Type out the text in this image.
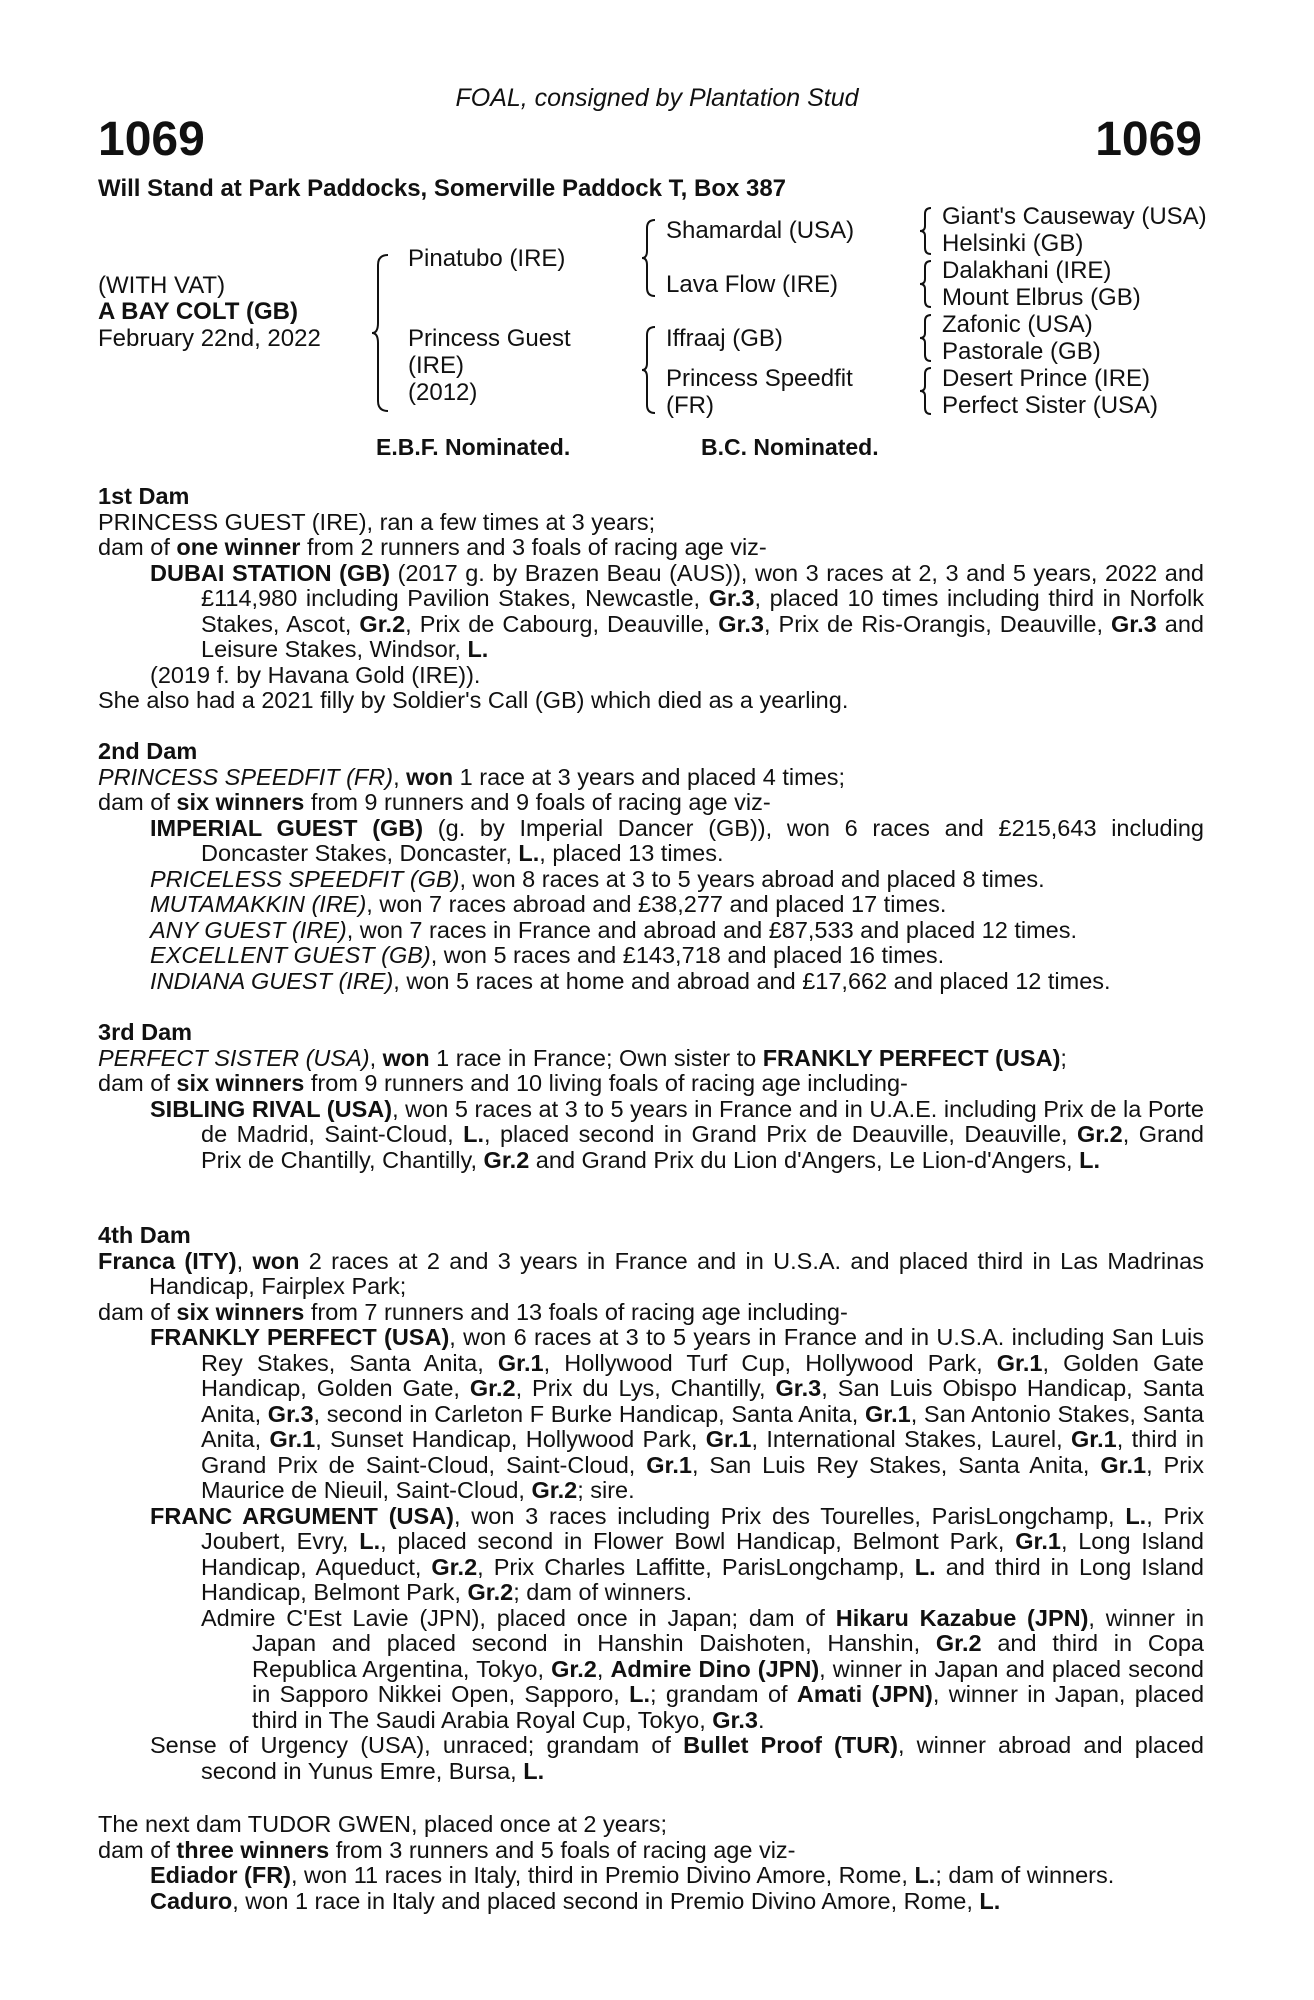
FOAL, consigned by Plantation Stud
1069	1069
Will Stand at Park Paddocks, Somerville Paddock T, Box 387
(WITH VAT)
A BAY COLT (GB)
February 22nd, 2022
Pinatubo (IRE)
Princess Guest
(IRE)
(2012)
Shamardal (USA)
Lava Flow (IRE)
Iffraaj (GB)
Princess Speedfit
(FR)
Giant's Causeway (USA)
Helsinki (GB)
Dalakhani (IRE)
Mount Elbrus (GB)
Zafonic (USA)
Pastorale (GB)
Desert Prince (IRE)
Perfect Sister (USA)
E.B.F. Nominated.	B.C. Nominated.

1st Dam

PRINCESS GUEST (IRE), ran a few times at 3 years;

dam of one winner from 2 runners and 3 foals of racing age viz-

DUBAI STATION (GB) (2017 g. by Brazen Beau (AUS)), won 3 races at 2, 3 and 5 years, 2022 and £114,980 including Pavilion Stakes, Newcastle, Gr.3, placed 10 times including third in Norfolk Stakes, Ascot, Gr.2, Prix de Cabourg, Deauville, Gr.3, Prix de Ris-Orangis, Deauville, Gr.3 and Leisure Stakes, Windsor, L.

(2019 f. by Havana Gold (IRE)).

She also had a 2021 filly by Soldier's Call (GB) which died as a yearling.

2nd Dam

PRINCESS SPEEDFIT (FR), won 1 race at 3 years and placed 4 times;

dam of six winners from 9 runners and 9 foals of racing age viz-

IMPERIAL GUEST (GB) (g. by Imperial Dancer (GB)), won 6 races and £215,643 including Doncaster Stakes, Doncaster, L., placed 13 times.

PRICELESS SPEEDFIT (GB), won 8 races at 3 to 5 years abroad and placed 8 times.

MUTAMAKKIN (IRE), won 7 races abroad and £38,277 and placed 17 times.

ANY GUEST (IRE), won 7 races in France and abroad and £87,533 and placed 12 times.

EXCELLENT GUEST (GB), won 5 races and £143,718 and placed 16 times.

INDIANA GUEST (IRE), won 5 races at home and abroad and £17,662 and placed 12 times.

3rd Dam

PERFECT SISTER (USA), won 1 race in France; Own sister to FRANKLY PERFECT (USA);

dam of six winners from 9 runners and 10 living foals of racing age including-

SIBLING RIVAL (USA), won 5 races at 3 to 5 years in France and in U.A.E. including Prix de la Porte de Madrid, Saint-Cloud, L., placed second in Grand Prix de Deauville, Deauville, Gr.2, Grand Prix de Chantilly, Chantilly, Gr.2 and Grand Prix du Lion d'Angers, Le Lion-d'Angers, L.

4th Dam

Franca (ITY), won 2 races at 2 and 3 years in France and in U.S.A. and placed third in Las Madrinas Handicap, Fairplex Park;

dam of six winners from 7 runners and 13 foals of racing age including-

FRANKLY PERFECT (USA), won 6 races at 3 to 5 years in France and in U.S.A. including San Luis Rey Stakes, Santa Anita, Gr.1, Hollywood Turf Cup, Hollywood Park, Gr.1, Golden Gate Handicap, Golden Gate, Gr.2, Prix du Lys, Chantilly, Gr.3, San Luis Obispo Handicap, Santa Anita, Gr.3, second in Carleton F Burke Handicap, Santa Anita, Gr.1, San Antonio Stakes, Santa Anita, Gr.1, Sunset Handicap, Hollywood Park, Gr.1, International Stakes, Laurel, Gr.1, third in Grand Prix de Saint-Cloud, Saint-Cloud, Gr.1, San Luis Rey Stakes, Santa Anita, Gr.1, Prix Maurice de Nieuil, Saint-Cloud, Gr.2; sire.

FRANC ARGUMENT (USA), won 3 races including Prix des Tourelles, ParisLongchamp, L., Prix Joubert, Evry, L., placed second in Flower Bowl Handicap, Belmont Park, Gr.1, Long Island Handicap, Aqueduct, Gr.2, Prix Charles Laffitte, ParisLongchamp, L. and third in Long Island Handicap, Belmont Park, Gr.2; dam of winners.

Admire C'Est Lavie (JPN), placed once in Japan; dam of Hikaru Kazabue (JPN), winner in Japan and placed second in Hanshin Daishoten, Hanshin, Gr.2 and third in Copa Republica Argentina, Tokyo, Gr.2, Admire Dino (JPN), winner in Japan and placed second in Sapporo Nikkei Open, Sapporo, L.; grandam of Amati (JPN), winner in Japan, placed third in The Saudi Arabia Royal Cup, Tokyo, Gr.3.

Sense of Urgency (USA), unraced; grandam of Bullet Proof (TUR), winner abroad and placed second in Yunus Emre, Bursa, L.

The next dam TUDOR GWEN, placed once at 2 years;

dam of three winners from 3 runners and 5 foals of racing age viz-

Ediador (FR), won 11 races in Italy, third in Premio Divino Amore, Rome, L.; dam of winners.

Caduro, won 1 race in Italy and placed second in Premio Divino Amore, Rome, L.
